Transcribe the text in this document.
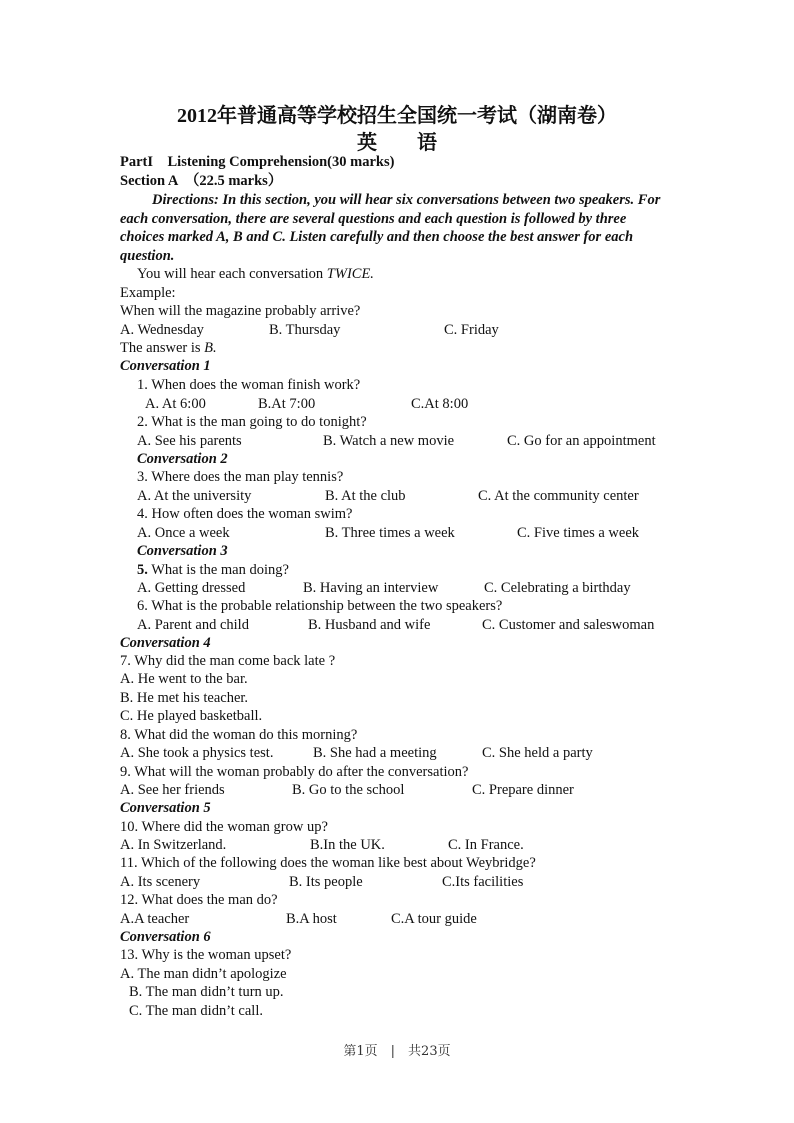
2012年普通高等学校招生全国统一考试（湖南卷）
英　　语
PartI　Listening Comprehension(30 marks)
Section A　（22.5 marks）
Directions: In this section, you will hear six conversations between two speakers. For each conversation, there are several questions and each question is followed by three choices marked A, B and C. Listen carefully and then choose the best answer for each question.
You will hear each conversation TWICE.
Example:
When will the magazine probably arrive?
A. Wednesday	B. Thursday	C. Friday
The answer is B.
Conversation 1
1. When does the woman finish work?
A. At 6:00	B.At 7:00	C.At 8:00
2. What is the man going to do tonight?
A. See his parents	B. Watch a new movie	C. Go for an appointment
Conversation 2
3. Where does the man play tennis?
A. At the university	B. At the club	C. At the community center
4. How often does the woman swim?
A. Once a week	B. Three times a week	C. Five times a week
Conversation 3
5. What is the man doing?
A. Getting dressed	B. Having an interview	C. Celebrating a birthday
6. What is the probable relationship between the two speakers?
A. Parent and child	B. Husband and wife	C. Customer and saleswoman
Conversation 4
7. Why did the man come back late ?
A. He went to the bar.
B. He met his teacher.
C. He played basketball.
8. What did the woman do this morning?
A. She took a physics test.	B. She had a meeting	C. She held a party
9. What will the woman probably do after the conversation?
A. See her friends	B. Go to the school	C. Prepare dinner
Conversation 5
10. Where did the woman grow up?
A. In Switzerland.	B.In the UK.	C. In France.
11. Which of the following does the woman like best about Weybridge?
A. Its scenery	B. Its people	C.Its facilities
12. What does the man do?
A.A teacher	B.A host	C.A tour guide
Conversation 6
13. Why is the woman upset?
A. The man didn’t apologize
B. The man didn’t turn up.
C. The man didn’t call.
第1页　|　共23页
